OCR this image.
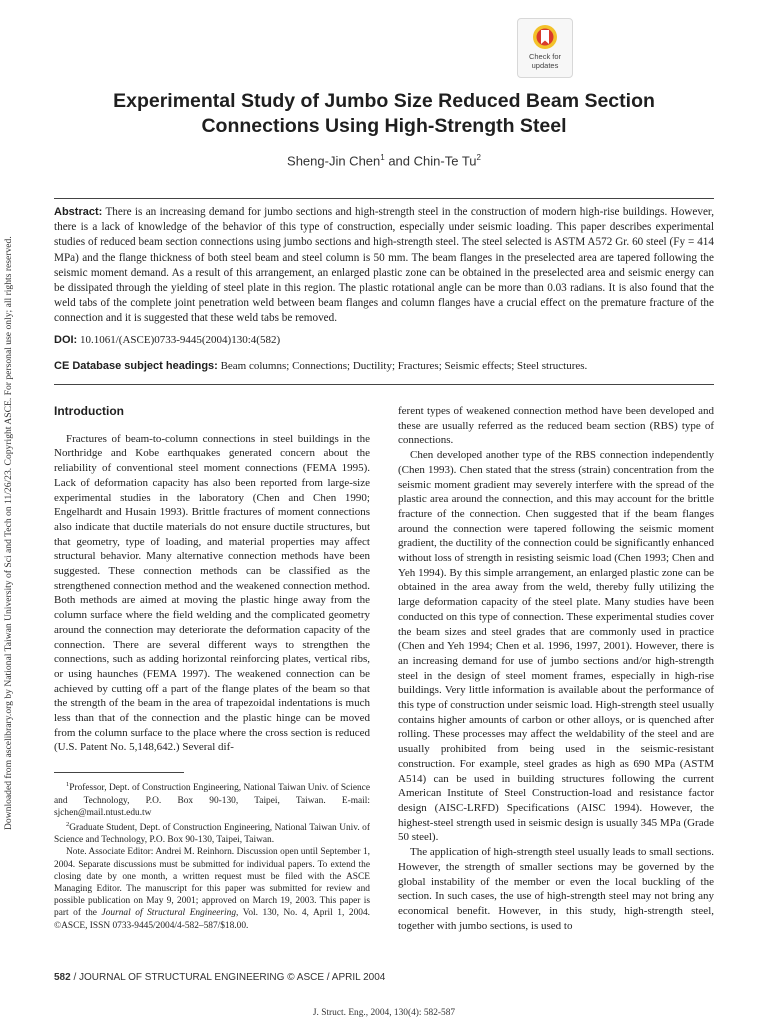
Check for
updates
Downloaded from ascelibrary.org by National Taiwan University of Sci and Tech on 11/26/23. Copyright ASCE. For personal use only; all rights reserved.
Experimental Study of Jumbo Size Reduced Beam Section
Connections Using High-Strength Steel
Sheng-Jin Chen$^1$ and Chin-Te Tu$^2$

Abstract: There is an increasing demand for jumbo sections and high-strength steel in the construction of modern high-rise buildings. However, there is a lack of knowledge of the behavior of this type of construction, especially under seismic loading. This paper describes experimental studies of reduced beam section connections using jumbo sections and high-strength steel. The steel selected is ASTM A572 Gr. 60 steel (Fy = 414 MPa) and the flange thickness of both steel beam and steel column is 50 mm. The beam flanges in the preselected area are tapered following the seismic moment demand. As a result of this arrangement, an enlarged plastic zone can be obtained in the preselected area and seismic energy can be dissipated through the yielding of steel plate in this region. The plastic rotational angle can be more than 0.03 radians. It is also found that the weld tabs of the complete joint penetration weld between beam flanges and column flanges have a crucial effect on the premature fracture of the connection and it is suggested that these weld tabs be removed.

DOI: 10.1061/(ASCE)0733-9445(2004)130:4(582)

CE Database subject headings: Beam columns; Connections; Ductility; Fractures; Seismic effects; Steel structures.

Introduction

Fractures of beam-to-column connections in steel buildings in the Northridge and Kobe earthquakes generated concern about the reliability of conventional steel moment connections (FEMA 1995). Lack of deformation capacity has also been reported from large-size experimental studies in the laboratory (Chen and Chen 1990; Engelhardt and Husain 1993). Brittle fractures of moment connections also indicate that ductile materials do not ensure ductile structures, but that geometry, type of loading, and material properties may affect structural behavior. Many alternative connection methods have been suggested. These connection methods can be classified as the strengthened connection method and the weakened connection method. Both methods are aimed at moving the plastic hinge away from the column surface where the field welding and the complicated geometry around the connection may deteriorate the deformation capacity of the connection. There are several different ways to strengthen the connections, such as adding horizontal reinforcing plates, vertical ribs, or using haunches (FEMA 1997). The weakened connection can be achieved by cutting off a part of the flange plates of the beam so that the strength of the beam in the area of trapezoidal indentations is much less than that of the connection and the plastic hinge can be moved from the column surface to the place where the cross section is reduced (U.S. Patent No. 5,148,642.) Several dif-

$^1$Professor, Dept. of Construction Engineering, National Taiwan Univ. of Science and Technology, P.O. Box 90-130, Taipei, Taiwan. E-mail: sjchen@mail.ntust.edu.tw

$^2$Graduate Student, Dept. of Construction Engineering, National Taiwan Univ. of Science and Technology, P.O. Box 90-130, Taipei, Taiwan.

Note. Associate Editor: Andrei M. Reinhorn. Discussion open until September 1, 2004. Separate discussions must be submitted for individual papers. To extend the closing date by one month, a written request must be filed with the ASCE Managing Editor. The manuscript for this paper was submitted for review and possible publication on May 9, 2001; approved on March 19, 2003. This paper is part of the Journal of Structural Engineering, Vol. 130, No. 4, April 1, 2004. ©ASCE, ISSN 0733-9445/2004/4-582–587/$18.00.

ferent types of weakened connection method have been developed and these are usually referred as the reduced beam section (RBS) type of connections.

Chen developed another type of the RBS connection independently (Chen 1993). Chen stated that the stress (strain) concentration from the seismic moment gradient may severely interfere with the spread of the plastic area around the connection, and this may account for the brittle fracture of the connection. Chen suggested that if the beam flanges around the connection were tapered following the seismic moment gradient, the ductility of the connection could be significantly enhanced without loss of strength in resisting seismic load (Chen 1993; Chen and Yeh 1994). By this simple arrangement, an enlarged plastic zone can be obtained in the area away from the weld, thereby fully utilizing the large deformation capacity of the steel plate. Many studies have been conducted on this type of connection. These experimental studies cover the beam sizes and steel grades that are commonly used in practice (Chen and Yeh 1994; Chen et al. 1996, 1997, 2001). However, there is an increasing demand for use of jumbo sections and/or high-strength steel in the design of steel moment frames, especially in high-rise buildings. Very little information is available about the performance of this type of construction under seismic load. High-strength steel usually contains higher amounts of carbon or other alloys, or is quenched after rolling. These processes may affect the weldability of the steel and are usually prohibited from being used in the seismic-resistant construction. For example, steel grades as high as 690 MPa (ASTM A514) can be used in building structures following the current American Institute of Steel Construction-load and resistance factor design (AISC-LRFD) Specifications (AISC 1994). However, the highest-steel strength used in seismic design is usually 345 MPa (Grade 50 steel).

The application of high-strength steel usually leads to small sections. However, the strength of smaller sections may be governed by the global instability of the member or even the local buckling of the section. In such cases, the use of high-strength steel may not bring any economical benefit. However, in this study, high-strength steel, together with jumbo sections, is used to

582 / JOURNAL OF STRUCTURAL ENGINEERING © ASCE / APRIL 2004
J. Struct. Eng., 2004, 130(4): 582-587
